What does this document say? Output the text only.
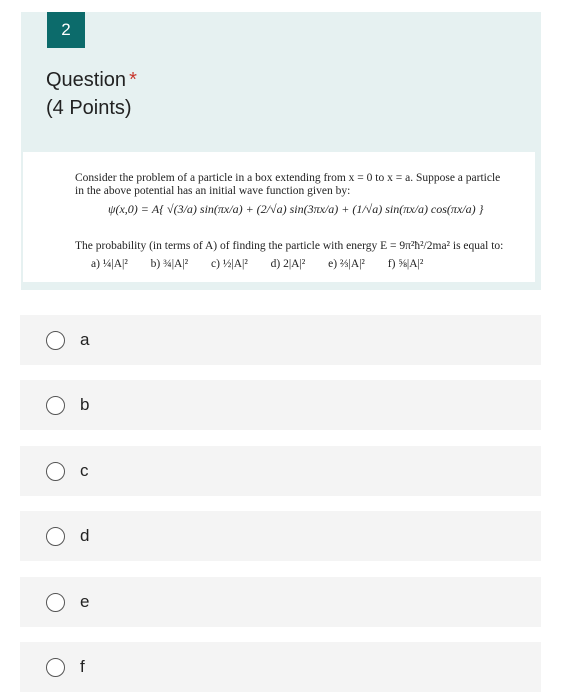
2
Question *
(4 Points)
Consider the problem of a particle in a box extending from x = 0 to x = a. Suppose a particle
in the above potential has an initial wave function given by:
ψ(x,0) = A{ √(3/a) sin(πx/a) + (2/√a) sin(3πx/a) + (1/√a) sin(πx/a) cos(πx/a) }
The probability (in terms of A) of finding the particle with energy E = 9π²ħ²/2ma² is equal to:
a) ¼|A|² b) ¾|A|² c) ½|A|² d) 2|A|² e) ⅔|A|² f) ⅝|A|²
a
b
c
d
e
f
